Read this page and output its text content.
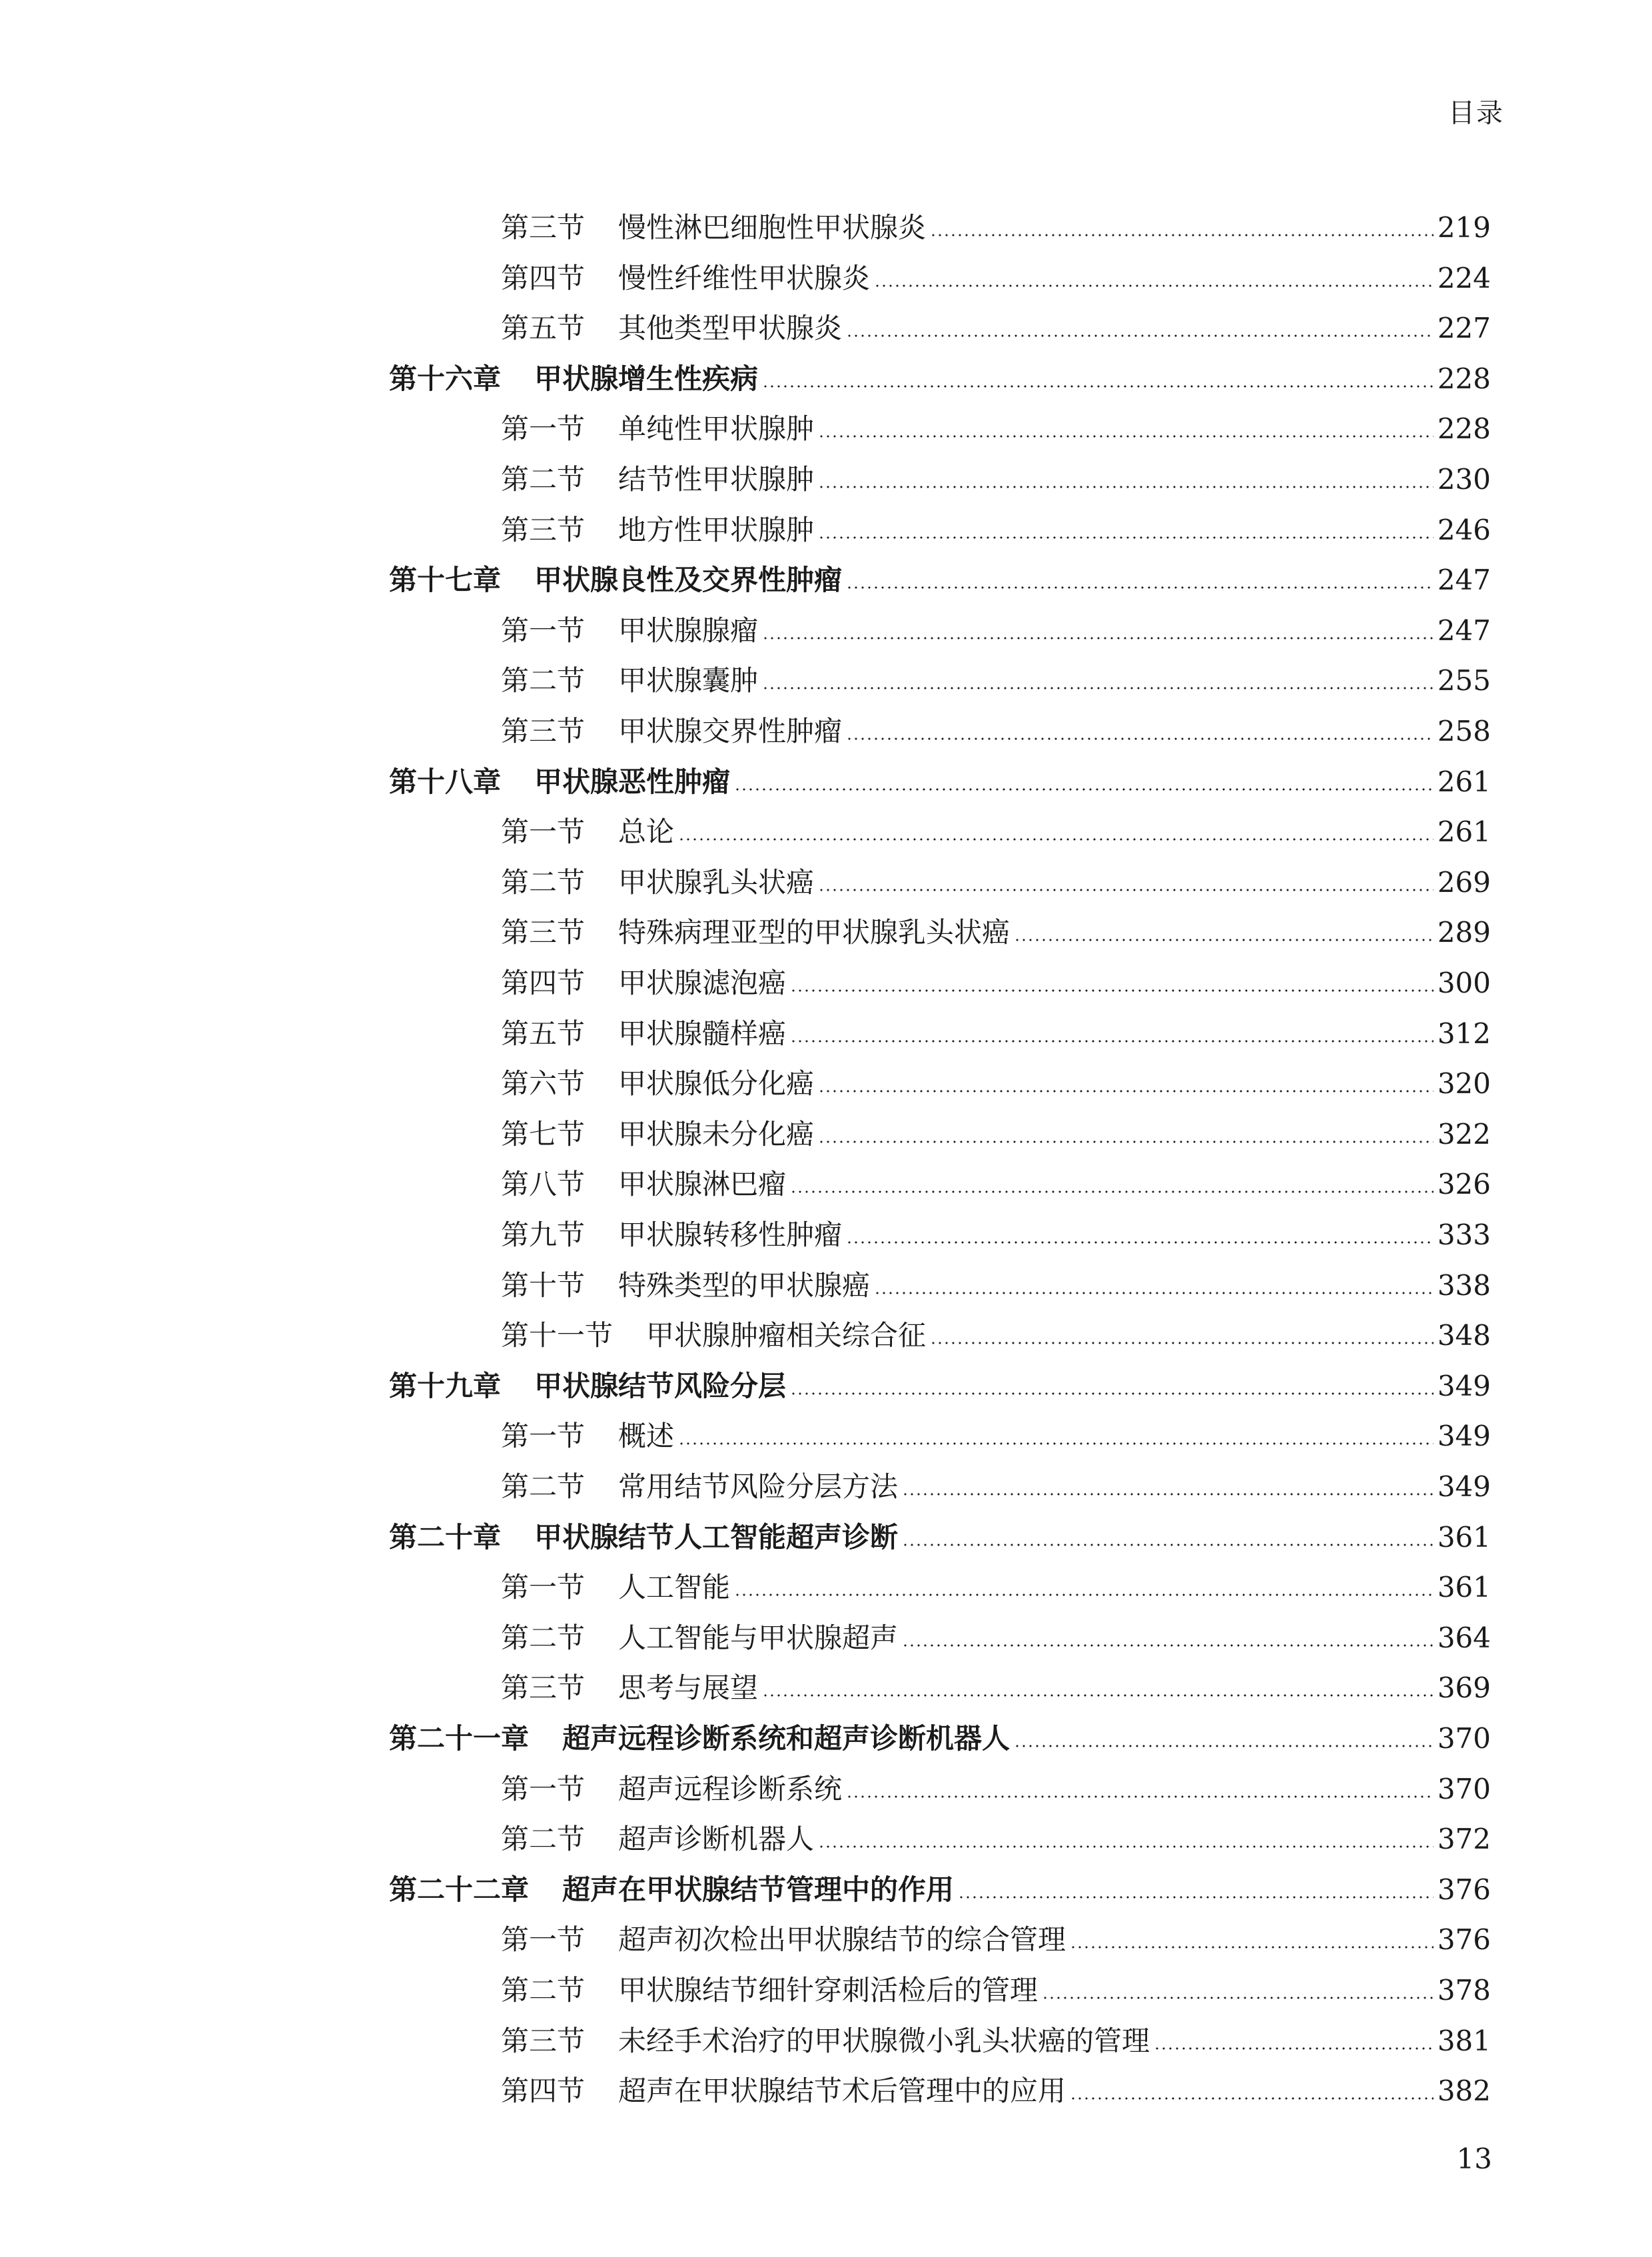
目录
第三节 慢性淋巴细胞性甲状腺炎	219
第四节 慢性纤维性甲状腺炎	224
第五节 其他类型甲状腺炎	227
第十六章 甲状腺增生性疾病	228
第一节 单纯性甲状腺肿	228
第二节 结节性甲状腺肿	230
第三节 地方性甲状腺肿	246
第十七章 甲状腺良性及交界性肿瘤	247
第一节 甲状腺腺瘤	247
第二节 甲状腺囊肿	255
第三节 甲状腺交界性肿瘤	258
第十八章 甲状腺恶性肿瘤	261
第一节 总论	261
第二节 甲状腺乳头状癌	269
第三节 特殊病理亚型的甲状腺乳头状癌	289
第四节 甲状腺滤泡癌	300
第五节 甲状腺髓样癌	312
第六节 甲状腺低分化癌	320
第七节 甲状腺未分化癌	322
第八节 甲状腺淋巴瘤	326
第九节 甲状腺转移性肿瘤	333
第十节 特殊类型的甲状腺癌	338
第十一节 甲状腺肿瘤相关综合征	348
第十九章 甲状腺结节风险分层	349
第一节 概述	349
第二节 常用结节风险分层方法	349
第二十章 甲状腺结节人工智能超声诊断	361
第一节 人工智能	361
第二节 人工智能与甲状腺超声	364
第三节 思考与展望	369
第二十一章 超声远程诊断系统和超声诊断机器人	370
第一节 超声远程诊断系统	370
第二节 超声诊断机器人	372
第二十二章 超声在甲状腺结节管理中的作用	376
第一节 超声初次检出甲状腺结节的综合管理	376
第二节 甲状腺结节细针穿刺活检后的管理	378
第三节 未经手术治疗的甲状腺微小乳头状癌的管理	381
第四节 超声在甲状腺结节术后管理中的应用	382
13
